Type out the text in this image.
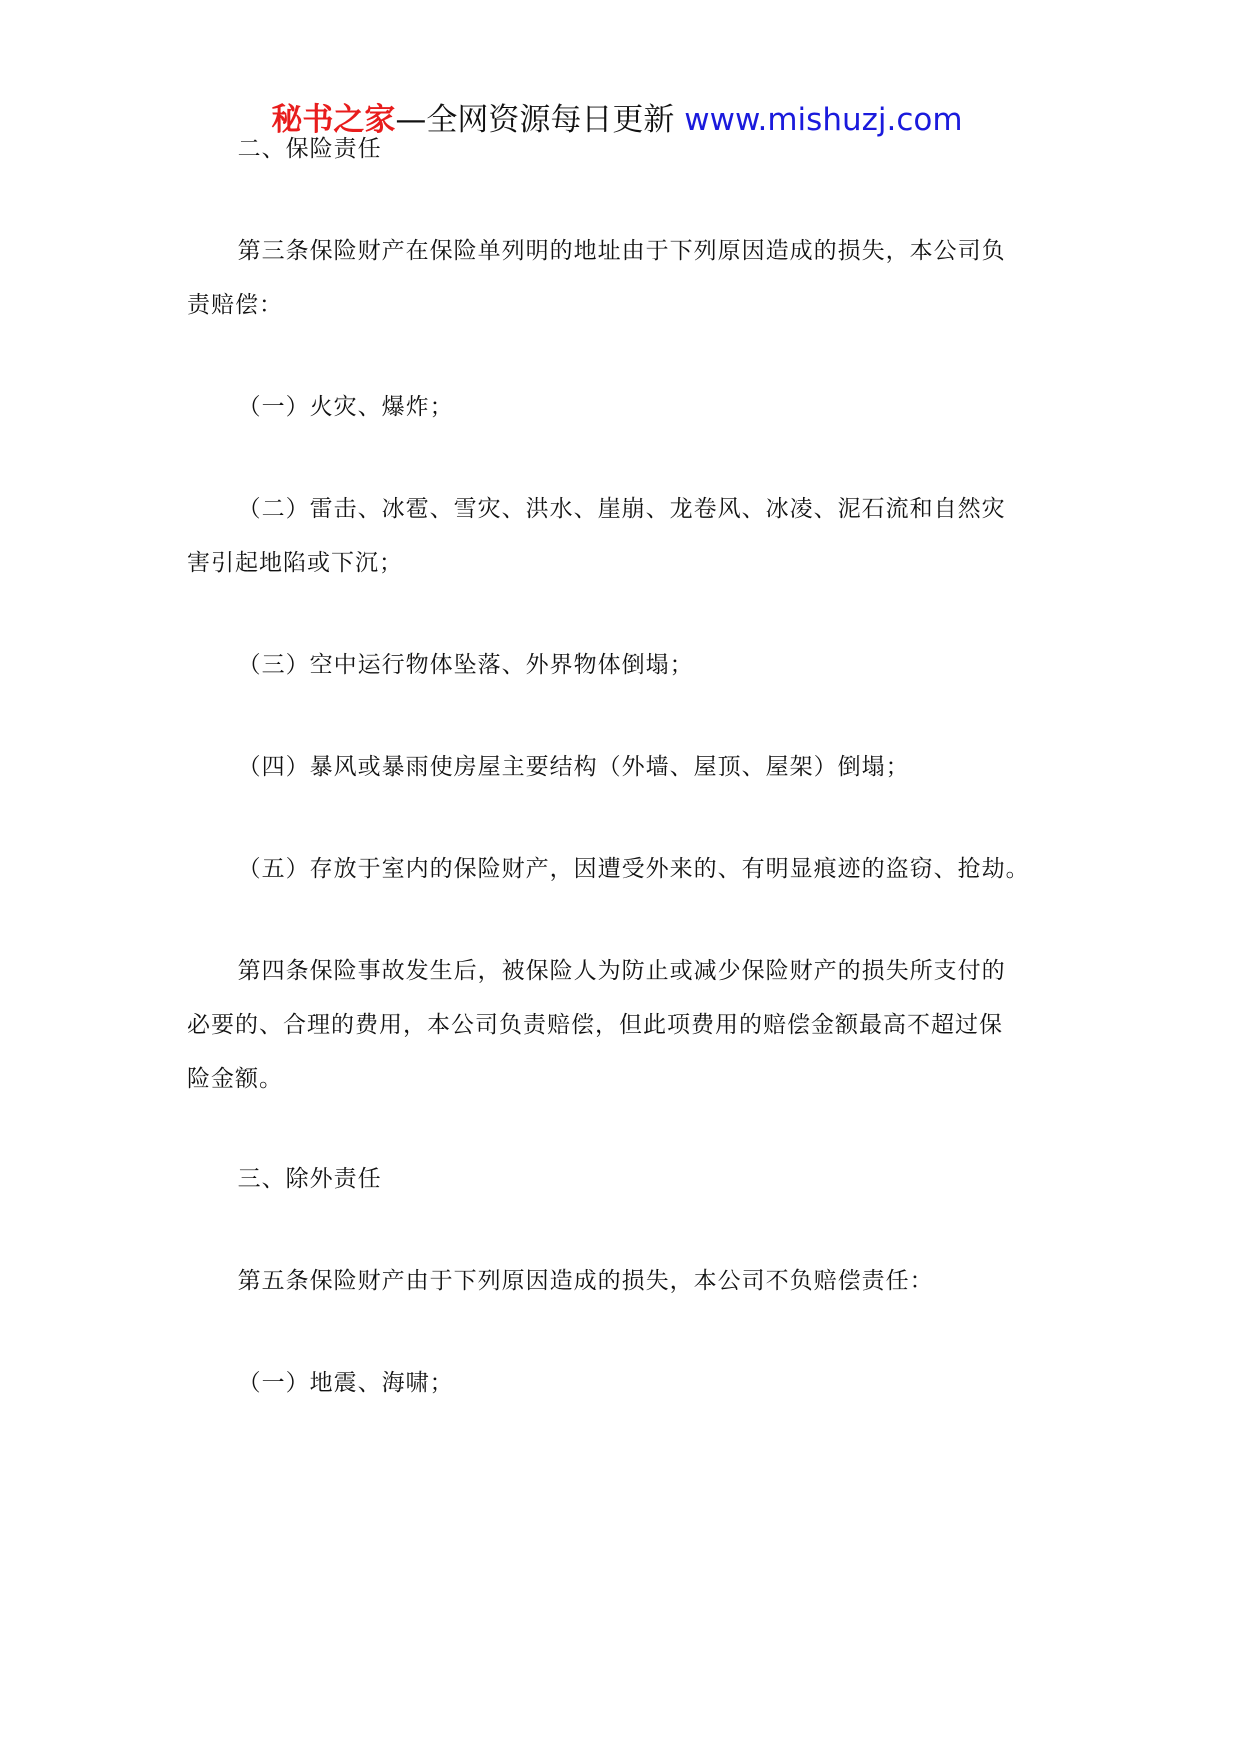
秘书之家—全网资源每日更新 www.mishuzj.com
二、保险责任
第三条保险财产在保险单列明的地址由于下列原因造成的损失，本公司负
责赔偿：
（一）火灾、爆炸；
（二）雷击、冰雹、雪灾、洪水、崖崩、龙卷风、冰凌、泥石流和自然灾
害引起地陷或下沉；
（三）空中运行物体坠落、外界物体倒塌；
（四）暴风或暴雨使房屋主要结构（外墙、屋顶、屋架）倒塌；
（五）存放于室内的保险财产，因遭受外来的、有明显痕迹的盗窃、抢劫。
第四条保险事故发生后，被保险人为防止或减少保险财产的损失所支付的
必要的、合理的费用，本公司负责赔偿，但此项费用的赔偿金额最高不超过保
险金额。
三、除外责任
第五条保险财产由于下列原因造成的损失，本公司不负赔偿责任：
（一）地震、海啸；
